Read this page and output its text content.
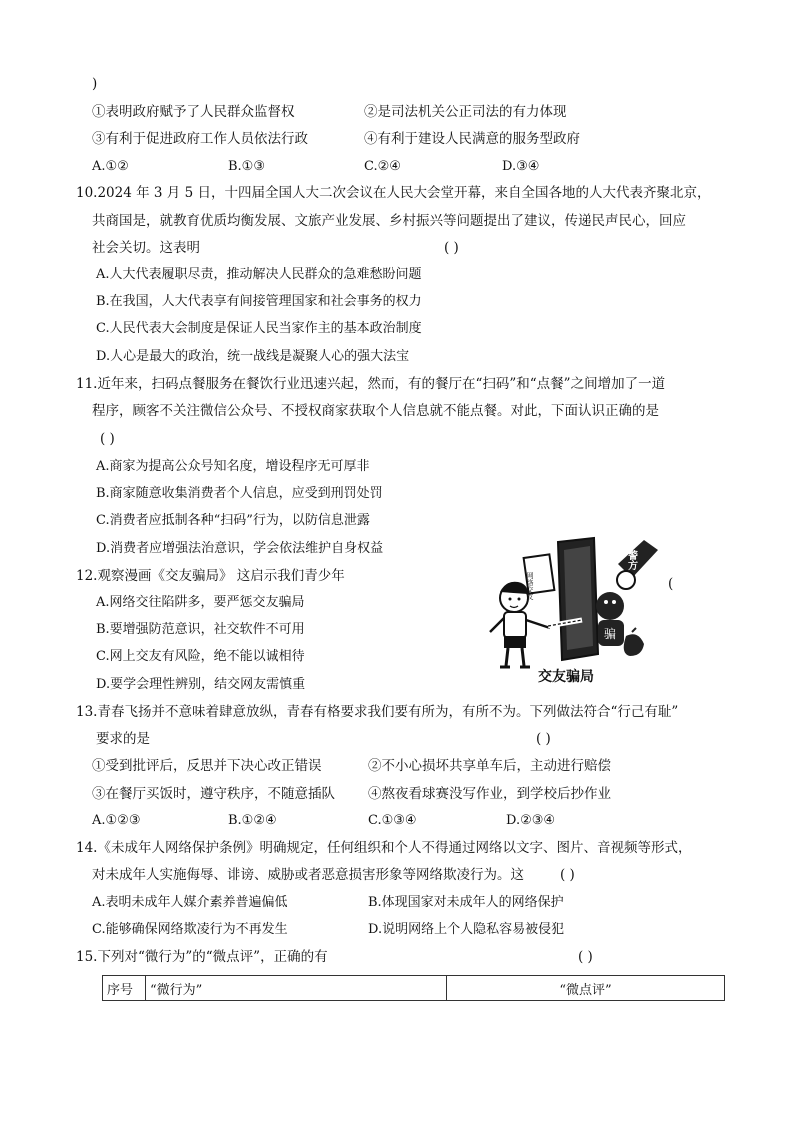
)
①表明政府赋予了人民群众监督权	②是司法机关公正司法的有力体现
③有利于促进政府工作人员依法行政	④有利于建设人民满意的服务型政府
A.①②	B.①③	C.②④	D.③④
10.2024 年 3 月 5 日，十四届全国人大二次会议在人民大会堂开幕，来自全国各地的人大代表齐聚北京，
共商国是，就教育优质均衡发展、文旅产业发展、乡村振兴等问题提出了建议，传递民声民心，回应
社会关切。这表明	( )
A.人大代表履职尽责，推动解决人民群众的急难愁盼问题
B.在我国，人大代表享有间接管理国家和社会事务的权力
C.人民代表大会制度是保证人民当家作主的基本政治制度
D.人心是最大的政治，统一战线是凝聚人心的强大法宝
11.近年来，扫码点餐服务在餐饮行业迅速兴起，然而，有的餐厅在“扫码”和“点餐”之间增加了一道
程序，顾客不关注微信公众号、不授权商家获取个人信息就不能点餐。对此，下面认识正确的是
( )
A.商家为提高公众号知名度，增设程序无可厚非
B.商家随意收集消费者个人信息，应受到刑罚处罚
C.消费者应抵制各种“扫码”行为，以防信息泄露
D.消费者应增强法治意识，学会依法维护自身权益
12.观察漫画《交友骗局》 这启示我们青少年	(
A.网络交往陷阱多，要严惩交友骗局
B.要增强防范意识，社交软件不可用
C.网上交友有风险，绝不能以诚相待
D.要学会理性辨别，结交网友需慎重
网络交友
骗
警方
交友骗局
13.青春飞扬并不意味着肆意放纵，青春有格要求我们要有所为，有所不为。下列做法符合“行己有耻”
要求的是	( )
①受到批评后，反思并下决心改正错误	②不小心损坏共享单车后，主动进行赔偿
③在餐厅买饭时，遵守秩序，不随意插队 ④熬夜看球赛没写作业，到学校后抄作业
A.①②③	B.①②④	C.①③④	D.②③④
14.《未成年人网络保护条例》明确规定，任何组织和个人不得通过网络以文字、图片、音视频等形式，
对未成年人实施侮辱、诽谤、威胁或者恶意损害形象等网络欺凌行为。这	( )
A.表明未成年人媒介素养普遍偏低	B.体现国家对未成年人的网络保护
C.能够确保网络欺凌行为不再发生	D.说明网络上个人隐私容易被侵犯
15.下列对“微行为”的“微点评”，正确的有	( )
序号	“微行为”	“微点评”
